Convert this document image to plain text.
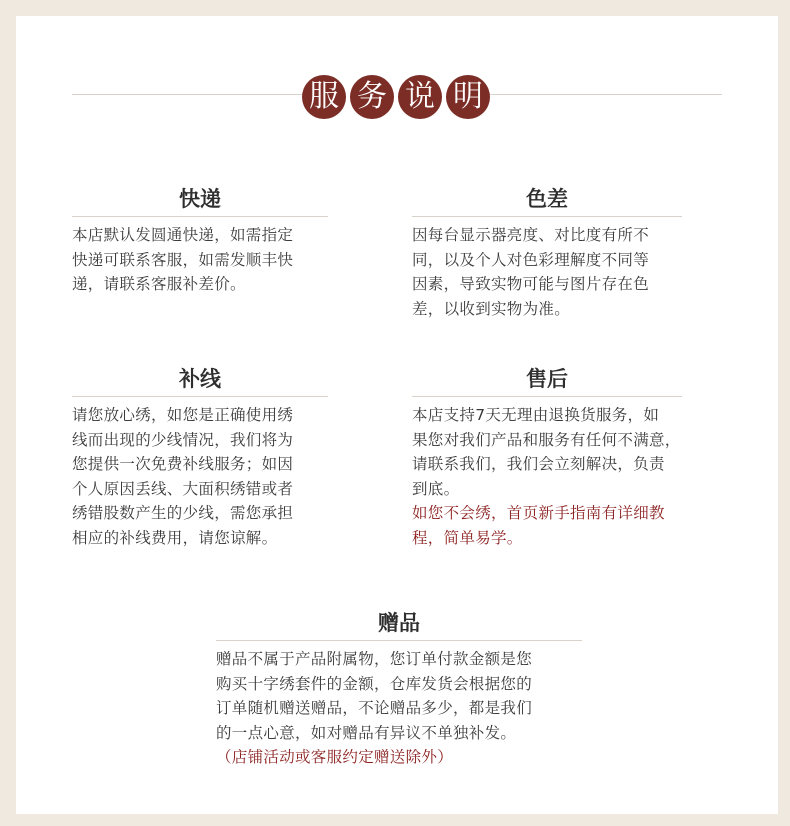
服 务 说 明
快递

本店默认发圆通快递，如需指定

快递可联系客服，如需发顺丰快

递，请联系客服补差价。

色差

因每台显示器亮度、对比度有所不

同，以及个人对色彩理解度不同等

因素，导致实物可能与图片存在色

差，以收到实物为准。

补线

请您放心绣，如您是正确使用绣

线而出现的少线情况，我们将为

您提供一次免费补线服务；如因

个人原因丢线、大面积绣错或者

绣错股数产生的少线，需您承担

相应的补线费用，请您谅解。

售后

本店支持7天无理由退换货服务，如

果您对我们产品和服务有任何不满意，

请联系我们，我们会立刻解决，负责

到底。

如您不会绣，首页新手指南有详细教

程，简单易学。

赠品

赠品不属于产品附属物，您订单付款金额是您

购买十字绣套件的金额，仓库发货会根据您的

订单随机赠送赠品，不论赠品多少，都是我们

的一点心意，如对赠品有异议不单独补发。

（店铺活动或客服约定赠送除外）
